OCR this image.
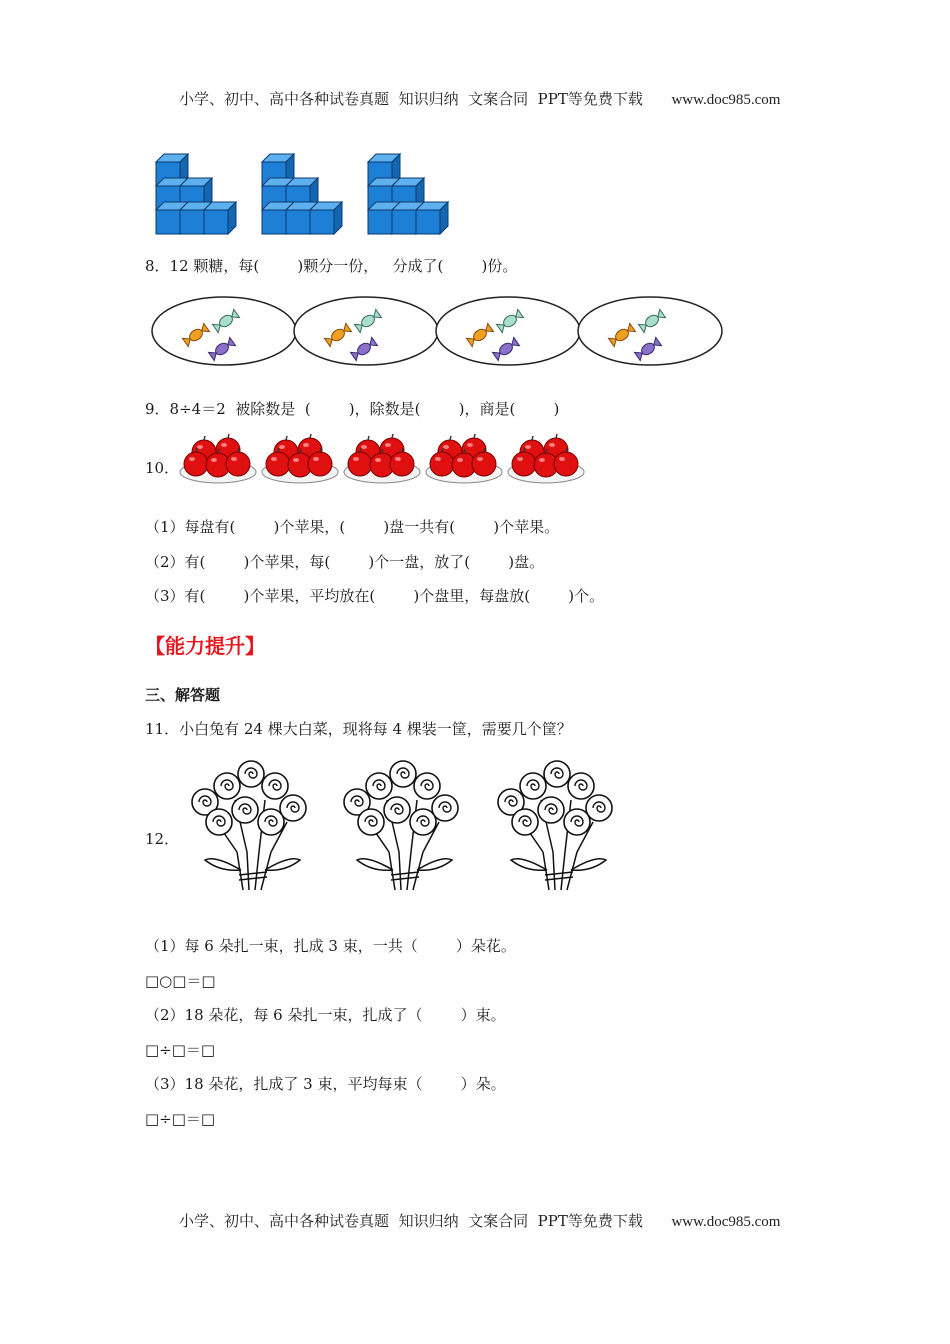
小学、初中、高中各种试卷真题  知识归纳  文案合同  PPT等免费下载 www.doc985.com

8．12 颗糖，每(        )颗分一份，   分成了(        )份。
9．8÷4＝2  被除数是  (        )，除数是(        )，商是(        )
10．
（1）每盘有(        )个苹果，(        )盘一共有(        )个苹果。
（2）有(        )个苹果，每(        )个一盘，放了(        )盘。
（3）有(        )个苹果，平均放在(        )个盘里，每盘放(        )个。
【能力提升】
三、解答题
11．小白兔有 24 棵大白菜，现将每 4 棵装一筐，需要几个筐？
12．
（1）每 6 朵扎一束，扎成 3 束，一共（        ）朵花。
□○□＝□
（2）18 朵花，每 6 朵扎一束，扎成了（        ）束。
□÷□＝□
（3）18 朵花，扎成了 3 束，平均每束（        ）朵。
□÷□＝□

小学、初中、高中各种试卷真题  知识归纳  文案合同  PPT等免费下载 www.doc985.com
